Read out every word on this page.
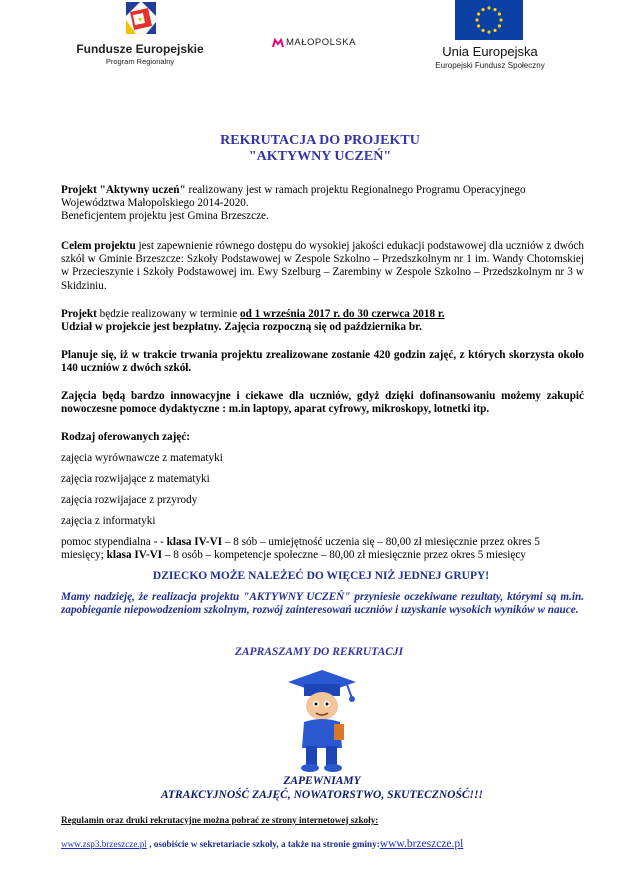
Fundusze Europejskie
Program Regionalny
MAŁOPOLSKA
Unia Europejska
Europejski Fundusz Społeczny
REKRUTACJA DO PROJEKTU
"AKTYWNY UCZEŃ"

Projekt "Aktywny uczeń" realizowany jest w ramach projektu Regionalnego Programu Operacyjnego Województwa Małopolskiego 2014-2020.
Beneficjentem projektu jest Gmina Brzeszcze.

Celem projektu jest zapewnienie równego dostępu do wysokiej jakości edukacji podstawowej dla uczniów z dwóch szkół w Gminie Brzeszcze: Szkoły Podstawowej w Zespole Szkolno – Przedszkolnym nr 1 im. Wandy Chotomskiej w Przecieszynie i Szkoły Podstawowej im. Ewy Szelburg – Zarembiny w Zespole Szkolno – Przedszkolnym nr 3 w Skidziniu.

Projekt będzie realizowany w terminie od 1 września 2017 r. do 30 czerwca 2018 r.
Udział w projekcie jest bezpłatny. Zajęcia rozpoczną się od października br.

Planuje się, iż w trakcie trwania projektu zrealizowane zostanie 420 godzin zajęć, z których skorzysta około 140 uczniów z dwóch szkół.

Zajęcia będą bardzo innowacyjne i ciekawe dla uczniów, gdyż dzięki dofinansowaniu możemy zakupić nowoczesne pomoce dydaktyczne : m.in laptopy, aparat cyfrowy, mikroskopy, lotnetki itp.

Rodzaj oferowanych zajęć:
zajęcia wyrównawcze z matematyki
zajęcia rozwijające z matematyki
zajęcia rozwijajace z przyrody
zajęcia z informatyki

pomoc stypendialna - - klasa IV-VI – 8 sób – umiejętność uczenia się – 80,00 zł miesięcznie przez okres 5 miesięcy; klasa IV-VI – 8 osób – kompetencje społeczne – 80,00 zł miesięcznie przez okres 5 miesięcy

DZIECKO MOŻE NALEŻEĆ DO WIĘCEJ NIŻ JEDNEJ GRUPY!

Mamy nadzieję, że realizacja projektu "AKTYWNY UCZEŃ" przyniesie oczekiwane rezultaty, którymi są m.in. zapobieganie niepowodzeniom szkolnym, rozwój zainteresowań uczniów i uzyskanie wysokich wyników w nauce.

ZAPRASZAMY DO REKRUTACJI
ZAPEWNIAMY
ATRAKCYJNOŚĆ ZAJĘĆ, NOWATORSTWO, SKUTECZNOŚĆ!!!
Regulamin oraz druki rekrutacyjne można pobrać ze strony internetowej szkoły:
www.zsp3.brzeszcze.pl , osobiście w sekretariacie szkoły, a także na stronie gminy:www.brzeszcze.pl
